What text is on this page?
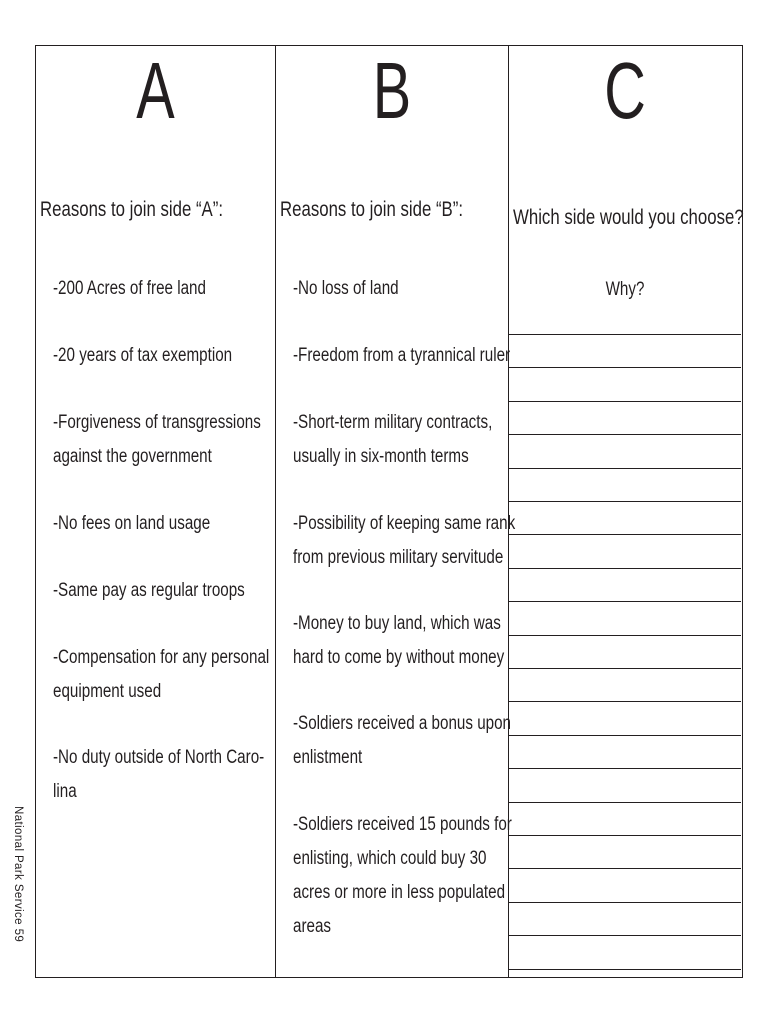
A
Reasons to join side “A”:
-200 Acres of free land
-20 years of tax exemption
-Forgiveness of transgressions
against the government
-No fees on land usage
-Same pay as regular troops
-Compensation for any personal
equipment used
-No duty outside of North Caro-
lina
B
Reasons to join side “B”:
-No loss of land
-Freedom from a tyrannical ruler
-Short-term military contracts,
usually in six-month terms
-Possibility of keeping same rank
from previous military servitude
-Money to buy land, which was
hard to come by without money
-Soldiers received a bonus upon
enlistment
-Soldiers received 15 pounds for
enlisting, which could buy 30
acres or more in less populated
areas
C
Which side would you choose?
Why?
National Park Service 59
